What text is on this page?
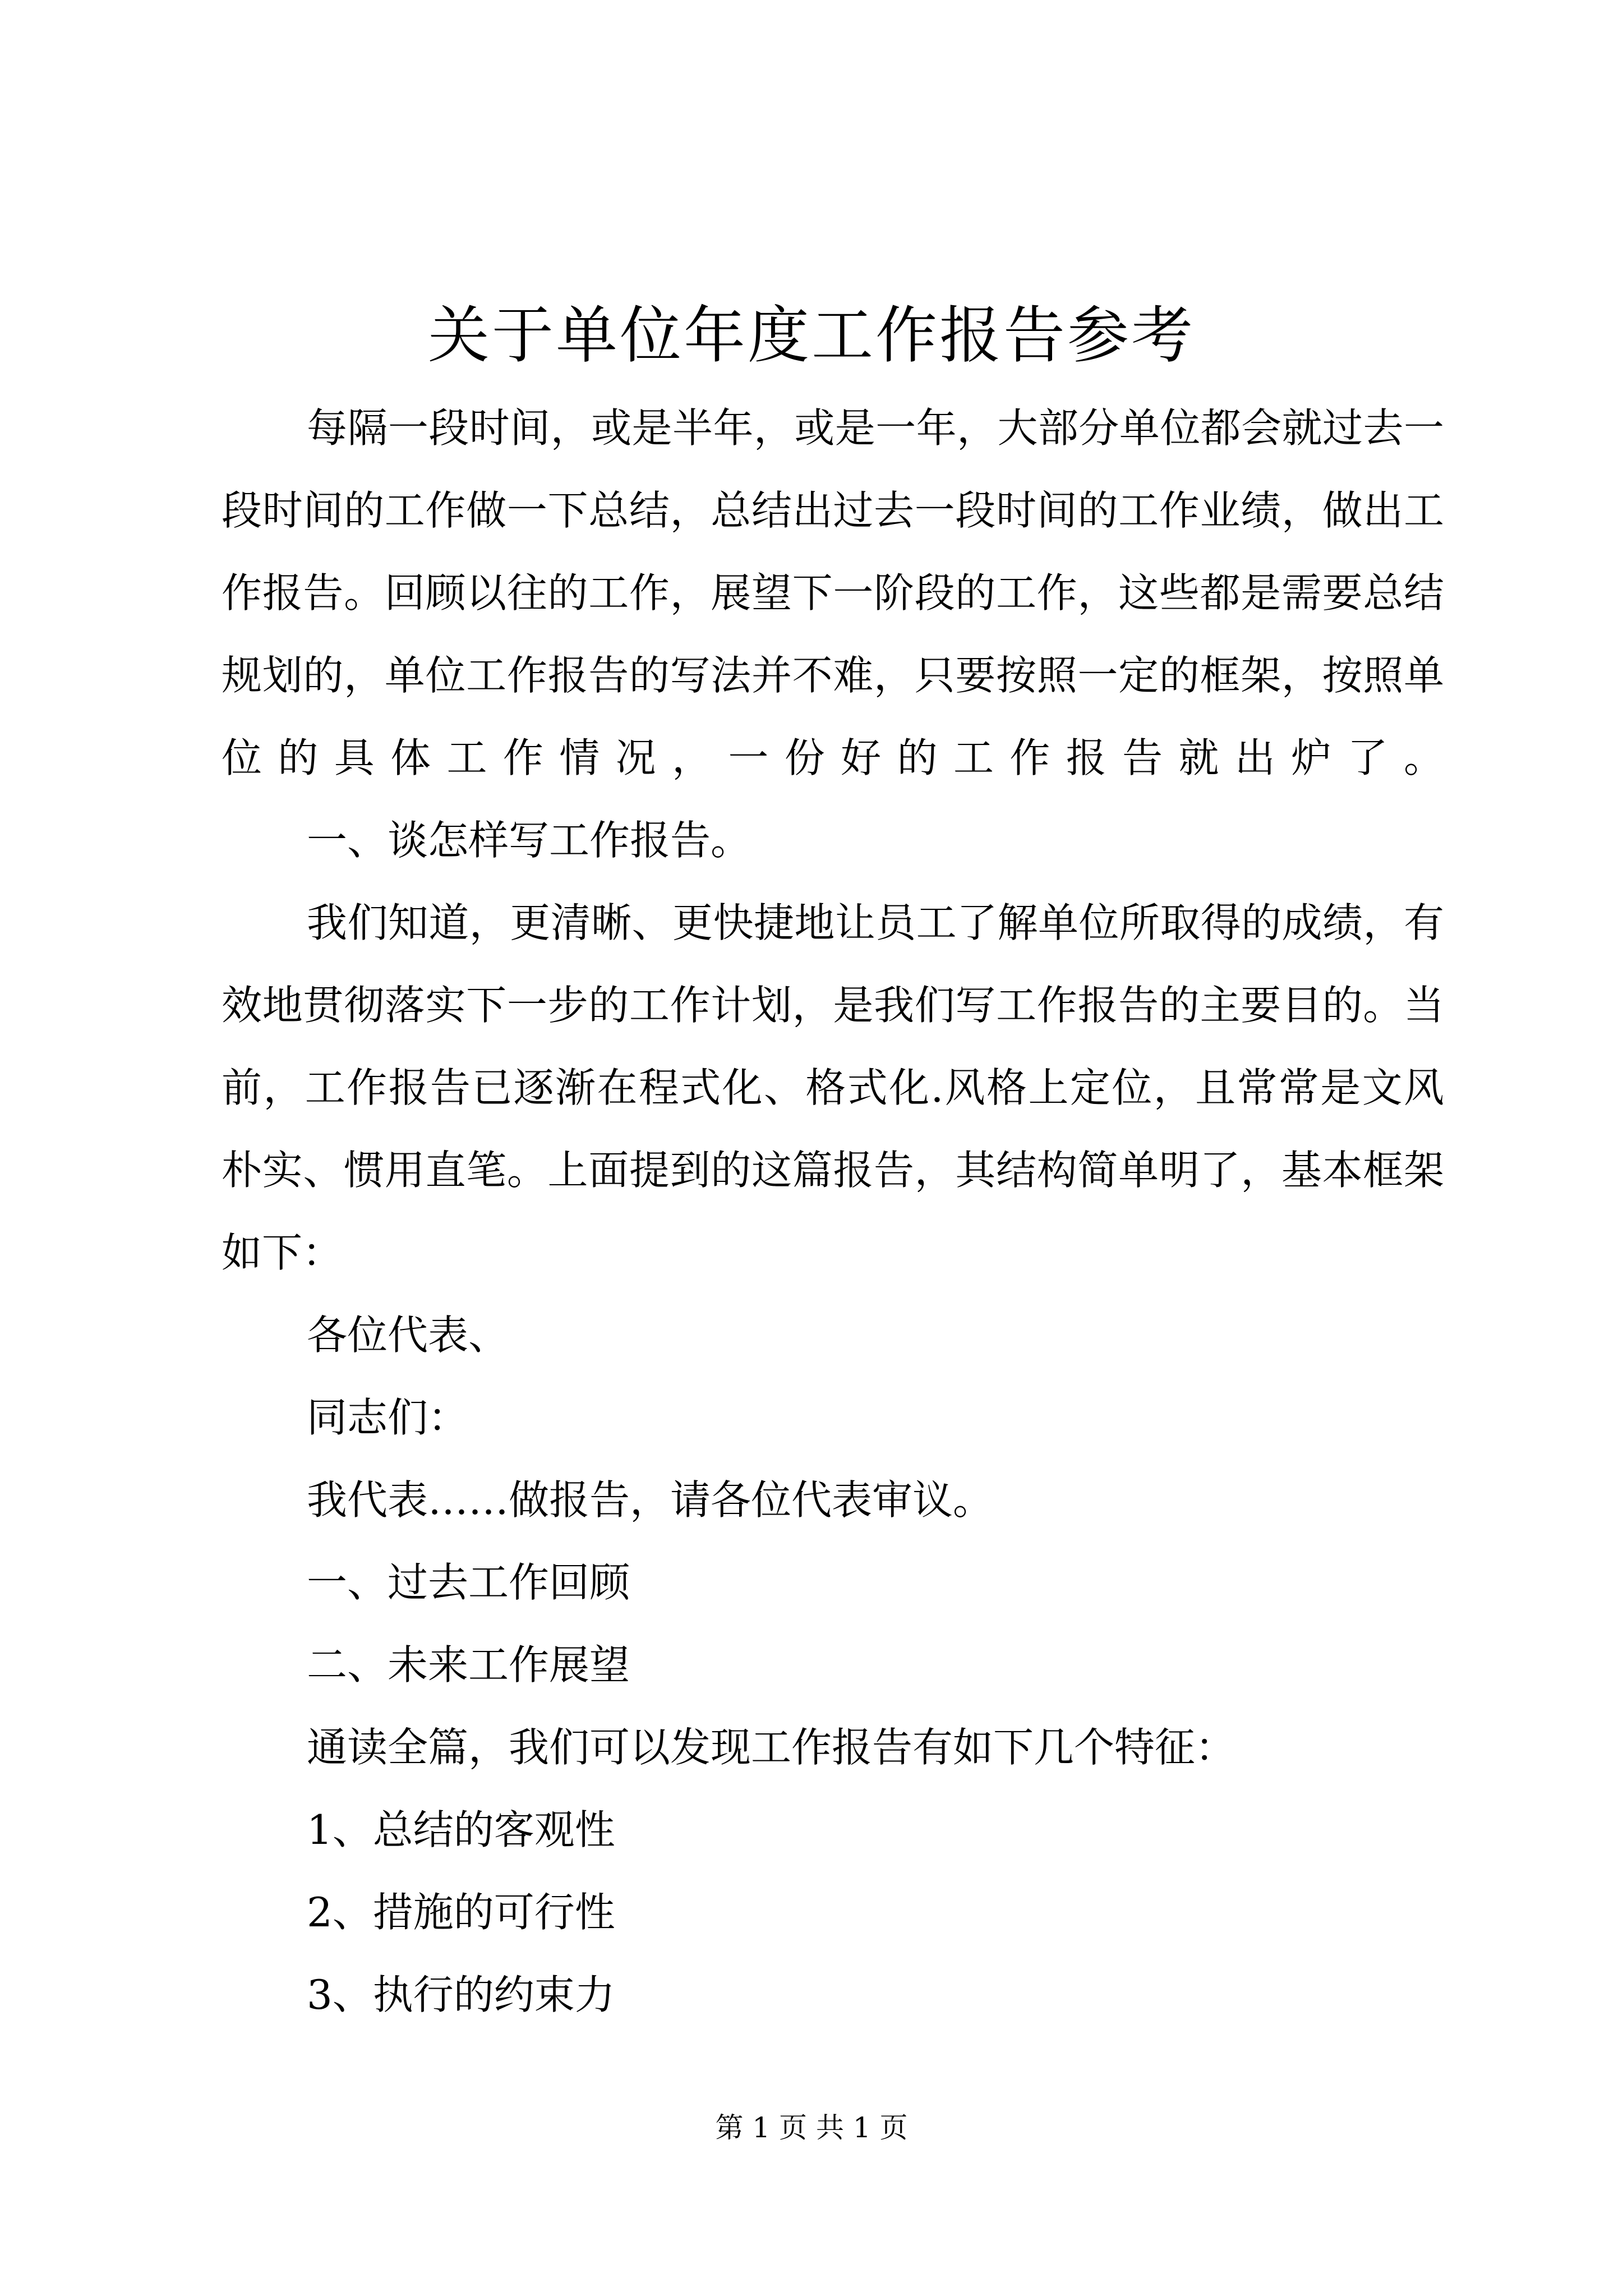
关于单位年度工作报告参考

每隔一段时间，或是半年，或是一年，大部分单位都会就过去一段时间的工作做一下总结，总结出过去一段时间的工作业绩，做出工作报告。回顾以往的工作，展望下一阶段的工作，这些都是需要总结规划的，单位工作报告的写法并不难，只要按照一定的框架，按照单位的具体工作情况，一份好的工作报告就出炉了。

一、谈怎样写工作报告。

我们知道，更清晰、更快捷地让员工了解单位所取得的成绩，有效地贯彻落实下一步的工作计划，是我们写工作报告的主要目的。当前，工作报告已逐渐在程式化、格式化.风格上定位，且常常是文风朴实、惯用直笔。上面提到的这篇报告，其结构简单明了，基本框架如下：

各位代表、

同志们：

我代表……做报告，请各位代表审议。

一、过去工作回顾

二、未来工作展望

通读全篇，我们可以发现工作报告有如下几个特征：

1、总结的客观性

2、措施的可行性

3、执行的约束力

第 1 页 共 1 页
